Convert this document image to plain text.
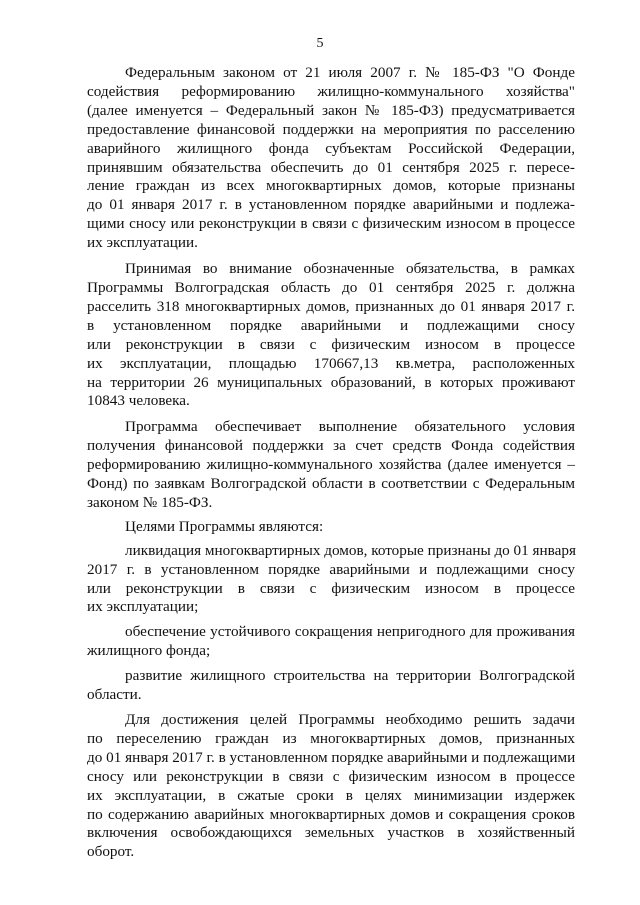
5
Федеральным законом от 21 июля 2007 г. № 185-ФЗ "О Фонде
содействия реформированию жилищно-коммунального хозяйства"
(далее именуется – Федеральный закон № 185-ФЗ) предусматривается
предоставление финансовой поддержки на мероприятия по расселению
аварийного жилищного фонда субъектам Российской Федерации,
принявшим обязательства обеспечить до 01 сентября 2025 г. пересе-
ление граждан из всех многоквартирных домов, которые признаны
до 01 января 2017 г. в установленном порядке аварийными и подлежа-
щими сносу или реконструкции в связи с физическим износом в процессе
их эксплуатации.
Принимая во внимание обозначенные обязательства, в рамках
Программы Волгоградская область до 01 сентября 2025 г. должна
расселить 318 многоквартирных домов, признанных до 01 января 2017 г.
в установленном порядке аварийными и подлежащими сносу
или реконструкции в связи с физическим износом в процессе
их эксплуатации, площадью 170667,13 кв.метра, расположенных
на территории 26 муниципальных образований, в которых проживают
10843 человека.
Программа обеспечивает выполнение обязательного условия
получения финансовой поддержки за счет средств Фонда содействия
реформированию жилищно-коммунального хозяйства (далее именуется –
Фонд) по заявкам Волгоградской области в соответствии с Федеральным
законом № 185-ФЗ.
Целями Программы являются:
ликвидация многоквартирных домов, которые признаны до 01 января
2017 г. в установленном порядке аварийными и подлежащими сносу
или реконструкции в связи с физическим износом в процессе
их эксплуатации;
обеспечение устойчивого сокращения непригодного для проживания
жилищного фонда;
развитие жилищного строительства на территории Волгоградской
области.
Для достижения целей Программы необходимо решить задачи
по переселению граждан из многоквартирных домов, признанных
до 01 января 2017 г. в установленном порядке аварийными и подлежащими
сносу или реконструкции в связи с физическим износом в процессе
их эксплуатации, в сжатые сроки в целях минимизации издержек
по содержанию аварийных многоквартирных домов и сокращения сроков
включения освобождающихся земельных участков в хозяйственный
оборот.
